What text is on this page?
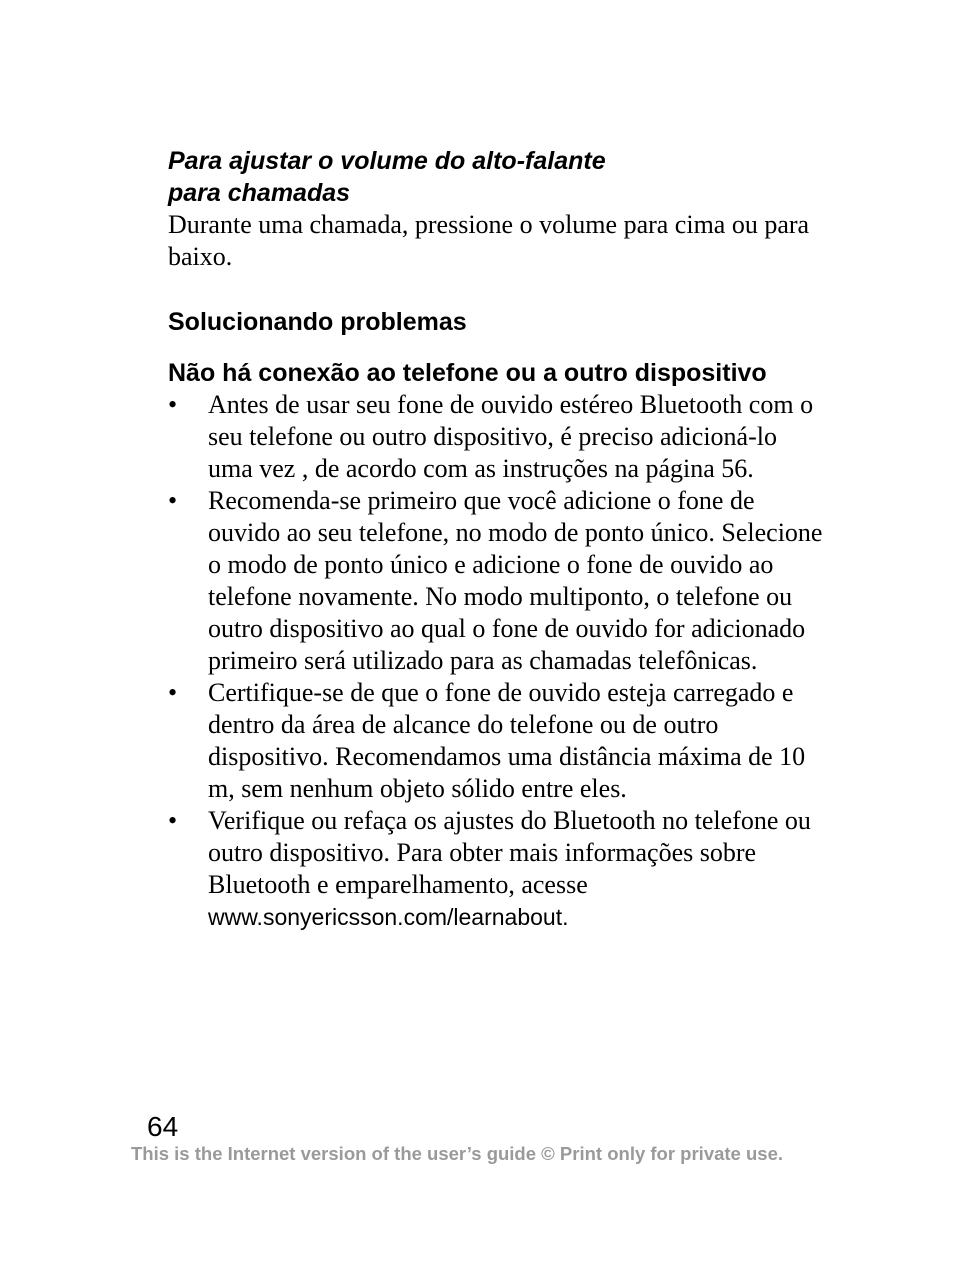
Para ajustar o volume do alto-falante

para chamadas

Durante uma chamada, pressione o volume para cima ou para baixo.

Solucionando problemas
Não há conexão ao telefone ou a outro dispositivo
•	Antes de usar seu fone de ouvido estéreo Bluetooth com o seu telefone ou outro dispositivo, é preciso adicioná-lo uma vez , de acordo com as instruções na página 56.
•	Recomenda-se primeiro que você adicione o fone de ouvido ao seu telefone, no modo de ponto único. Selecione o modo de ponto único e adicione o fone de ouvido ao telefone novamente. No modo multiponto, o telefone ou outro dispositivo ao qual o fone de ouvido for adicionado primeiro será utilizado para as chamadas telefônicas.
•	Certifique-se de que o fone de ouvido esteja carregado e dentro da área de alcance do telefone ou de outro dispositivo. Recomendamos uma distância máxima de 10 m, sem nenhum objeto sólido entre eles.
•	Verifique ou refaça os ajustes do Bluetooth no telefone ou outro dispositivo. Para obter mais informações sobre Bluetooth e emparelhamento, acesse www.sonyericsson.com/learnabout.
64
This is the Internet version of the user’s guide © Print only for private use.
